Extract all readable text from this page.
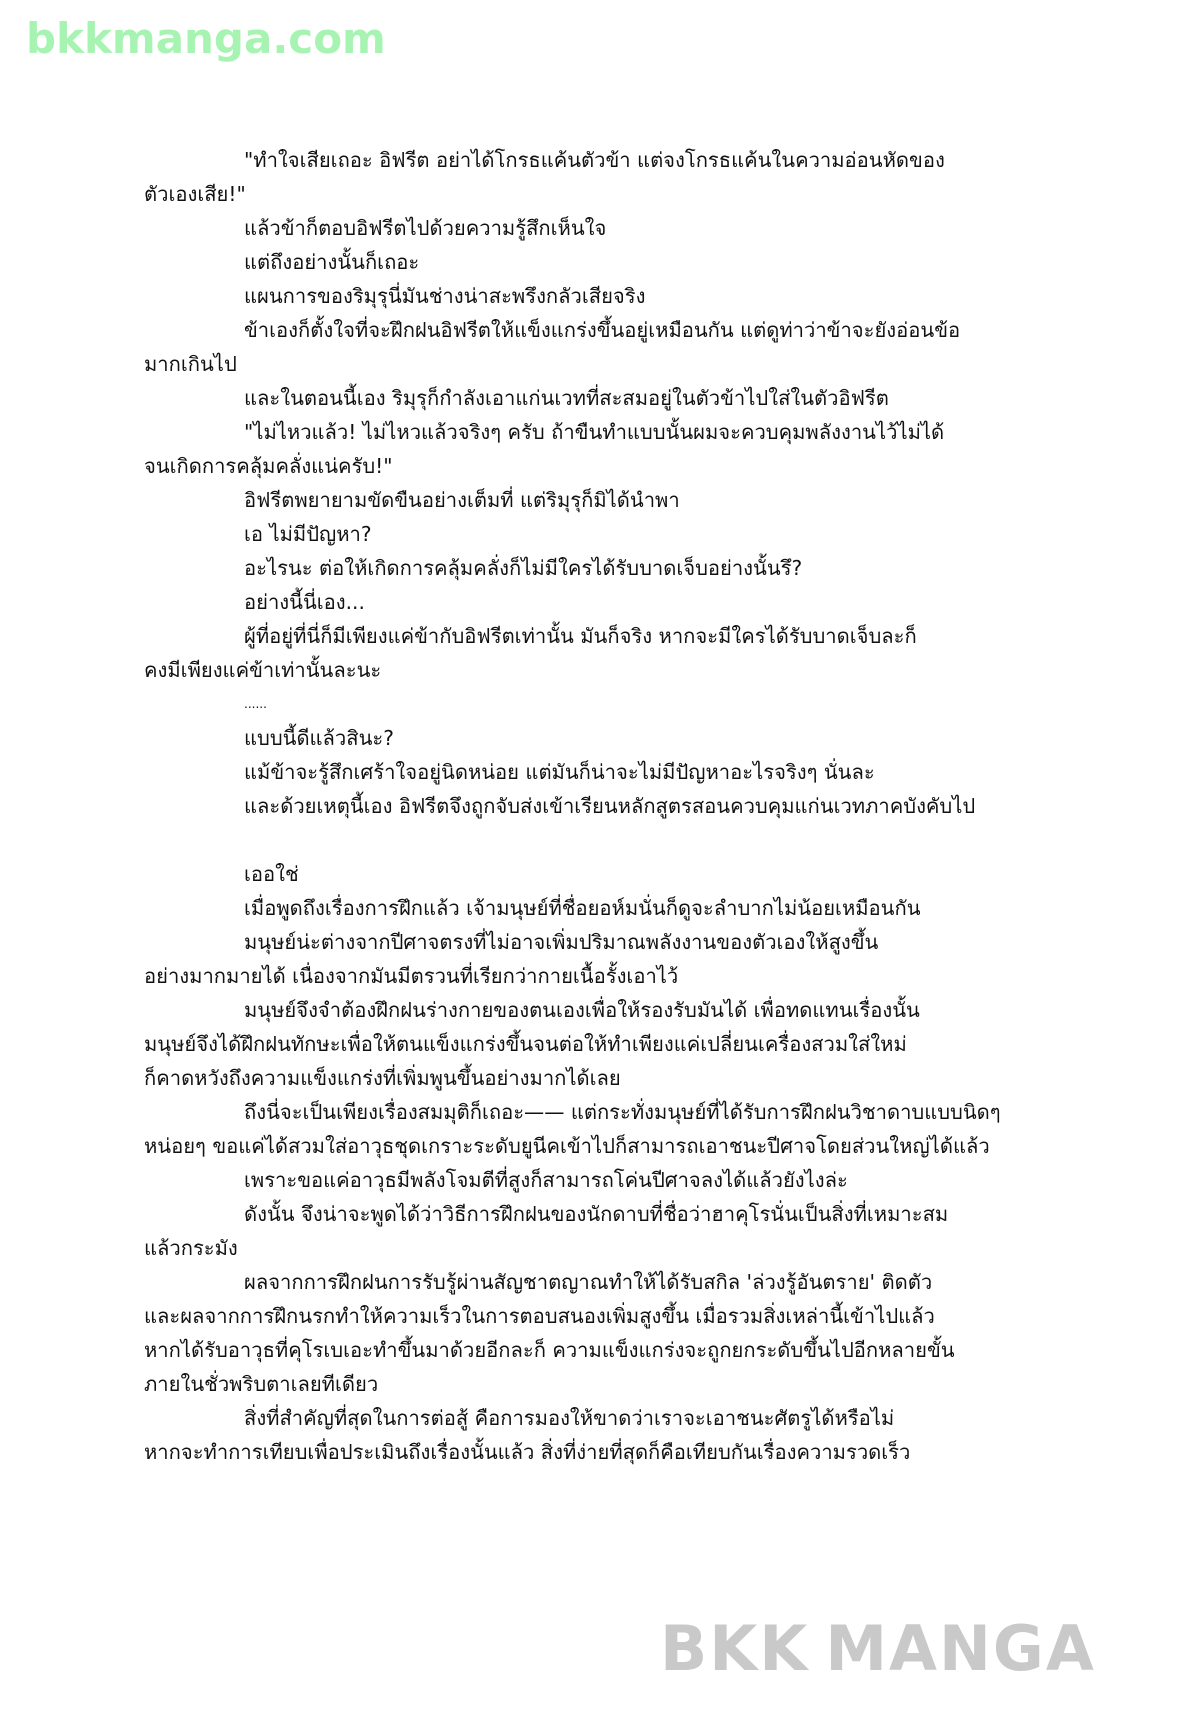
bkkmanga.com
"ทำใจเสียเถอะ อิฟรีต อย่าได้โกรธแค้นตัวข้า แต่จงโกรธแค้นในความอ่อนหัดของ
ตัวเองเสีย!"
แล้วข้าก็ตอบอิฟรีตไปด้วยความรู้สึกเห็นใจ
แต่ถึงอย่างนั้นก็เถอะ
แผนการของริมุรุนี่มันช่างน่าสะพรึงกลัวเสียจริง
ข้าเองก็ตั้งใจที่จะฝึกฝนอิฟรีตให้แข็งแกร่งขึ้นอยู่เหมือนกัน แต่ดูท่าว่าข้าจะยังอ่อนข้อ
มากเกินไป
และในตอนนี้เอง ริมุรุก็กำลังเอาแก่นเวทที่สะสมอยู่ในตัวข้าไปใส่ในตัวอิฟรีต
"ไม่ไหวแล้ว! ไม่ไหวแล้วจริงๆ ครับ ถ้าขืนทำแบบนั้นผมจะควบคุมพลังงานไว้ไม่ได้
จนเกิดการคลุ้มคลั่งแน่ครับ!"
อิฟรีตพยายามขัดขืนอย่างเต็มที่ แต่ริมุรุก็มิได้นำพา
เอ ไม่มีปัญหา?
อะไรนะ ต่อให้เกิดการคลุ้มคลั่งก็ไม่มีใครได้รับบาดเจ็บอย่างนั้นรึ?
อย่างนี้นี่เอง...
ผู้ที่อยู่ที่นี่ก็มีเพียงแค่ข้ากับอิฟรีตเท่านั้น มันก็จริง หากจะมีใครได้รับบาดเจ็บละก็
คงมีเพียงแค่ข้าเท่านั้นละนะ
......
แบบนี้ดีแล้วสินะ?
แม้ข้าจะรู้สึกเศร้าใจอยู่นิดหน่อย แต่มันก็น่าจะไม่มีปัญหาอะไรจริงๆ นั่นละ
และด้วยเหตุนี้เอง อิฟรีตจึงถูกจับส่งเข้าเรียนหลักสูตรสอนควบคุมแก่นเวทภาคบังคับไป
เออใช่
เมื่อพูดถึงเรื่องการฝึกแล้ว เจ้ามนุษย์ที่ชื่อยอห์มนั่นก็ดูจะลำบากไม่น้อยเหมือนกัน
มนุษย์น่ะต่างจากปีศาจตรงที่ไม่อาจเพิ่มปริมาณพลังงานของตัวเองให้สูงขึ้น
อย่างมากมายได้ เนื่องจากมันมีตรวนที่เรียกว่ากายเนื้อรั้งเอาไว้
มนุษย์จึงจำต้องฝึกฝนร่างกายของตนเองเพื่อให้รองรับมันได้ เพื่อทดแทนเรื่องนั้น
มนุษย์จึงได้ฝึกฝนทักษะเพื่อให้ตนแข็งแกร่งขึ้นจนต่อให้ทำเพียงแค่เปลี่ยนเครื่องสวมใส่ใหม่
ก็คาดหวังถึงความแข็งแกร่งที่เพิ่มพูนขึ้นอย่างมากได้เลย
ถึงนี่จะเป็นเพียงเรื่องสมมุติก็เถอะ—— แต่กระทั่งมนุษย์ที่ได้รับการฝึกฝนวิชาดาบแบบนิดๆ
หน่อยๆ ขอแค่ได้สวมใส่อาวุธชุดเกราะระดับยูนีคเข้าไปก็สามารถเอาชนะปีศาจโดยส่วนใหญ่ได้แล้ว
เพราะขอแค่อาวุธมีพลังโจมตีที่สูงก็สามารถโค่นปีศาจลงได้แล้วยังไงล่ะ
ดังนั้น จึงน่าจะพูดได้ว่าวิธีการฝึกฝนของนักดาบที่ชื่อว่าฮาคุโรนั่นเป็นสิ่งที่เหมาะสม
แล้วกระมัง
ผลจากการฝึกฝนการรับรู้ผ่านสัญชาตญาณทำให้ได้รับสกิล 'ล่วงรู้อันตราย' ติดตัว
และผลจากการฝึกนรกทำให้ความเร็วในการตอบสนองเพิ่มสูงขึ้น เมื่อรวมสิ่งเหล่านี้เข้าไปแล้ว
หากได้รับอาวุธที่คุโรเบเอะทำขึ้นมาด้วยอีกละก็ ความแข็งแกร่งจะถูกยกระดับขึ้นไปอีกหลายขั้น
ภายในชั่วพริบตาเลยทีเดียว
สิ่งที่สำคัญที่สุดในการต่อสู้ คือการมองให้ขาดว่าเราจะเอาชนะศัตรูได้หรือไม่
หากจะทำการเทียบเพื่อประเมินถึงเรื่องนั้นแล้ว สิ่งที่ง่ายที่สุดก็คือเทียบกันเรื่องความรวดเร็ว
BKK MANGA
